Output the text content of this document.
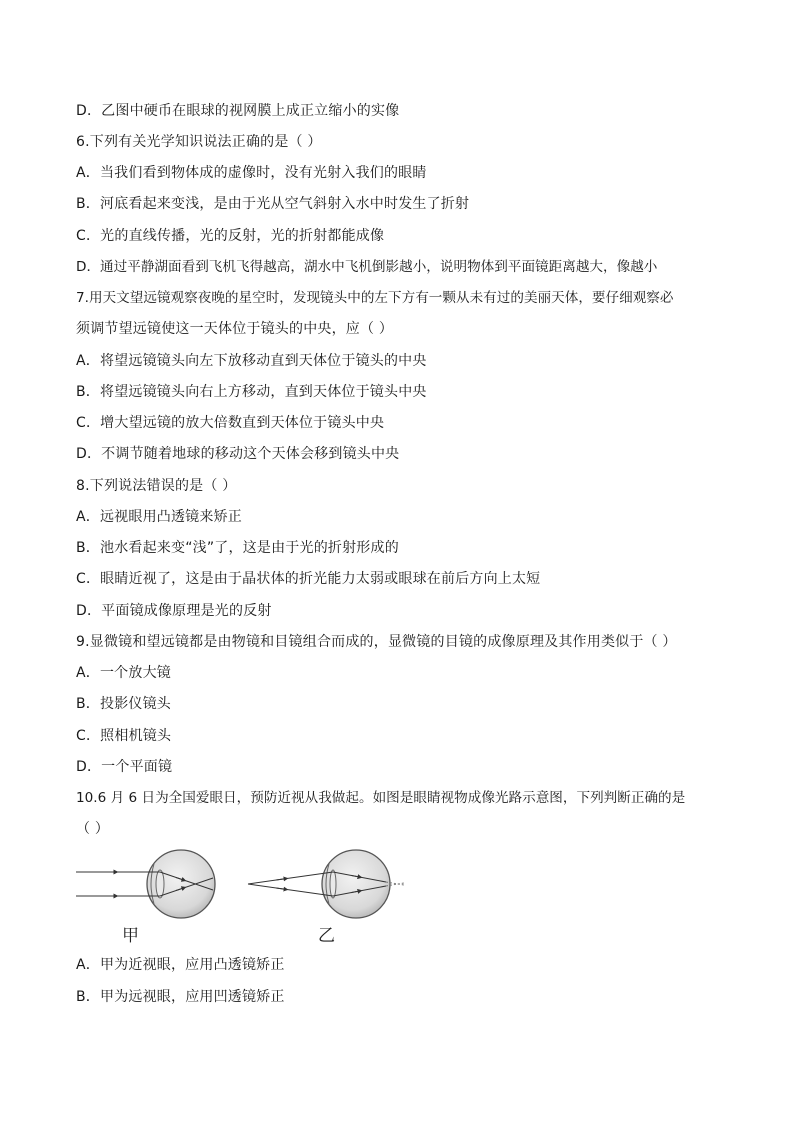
D．乙图中硬币在眼球的视网膜上成正立缩小的实像
6.下列有关光学知识说法正确的是（ ）
A．当我们看到物体成的虚像时，没有光射入我们的眼睛
B．河底看起来变浅，是由于光从空气斜射入水中时发生了折射
C．光的直线传播，光的反射，光的折射都能成像
D．通过平静湖面看到飞机飞得越高，湖水中飞机倒影越小，说明物体到平面镜距离越大，像越小
7.用天文望远镜观察夜晚的星空时，发现镜头中的左下方有一颗从未有过的美丽天体，要仔细观察必
须调节望远镜使这一天体位于镜头的中央，应（ ）
A．将望远镜镜头向左下放移动直到天体位于镜头的中央
B．将望远镜镜头向右上方移动，直到天体位于镜头中央
C．增大望远镜的放大倍数直到天体位于镜头中央
D．不调节随着地球的移动这个天体会移到镜头中央
8.下列说法错误的是（ ）
A．远视眼用凸透镜来矫正
B．池水看起来变“浅”了，这是由于光的折射形成的
C．眼睛近视了，这是由于晶状体的折光能力太弱或眼球在前后方向上太短
D．平面镜成像原理是光的反射
9.显微镜和望远镜都是由物镜和目镜组合而成的，显微镜的目镜的成像原理及其作用类似于（ ）
A．一个放大镜
B．投影仪镜头
C．照相机镜头
D．一个平面镜
10.6 月 6 日为全国爱眼日，预防近视从我做起。如图是眼睛视物成像光路示意图，下列判断正确的是
（ ）
甲	乙
A．甲为近视眼，应用凸透镜矫正
B．甲为远视眼，应用凹透镜矫正
